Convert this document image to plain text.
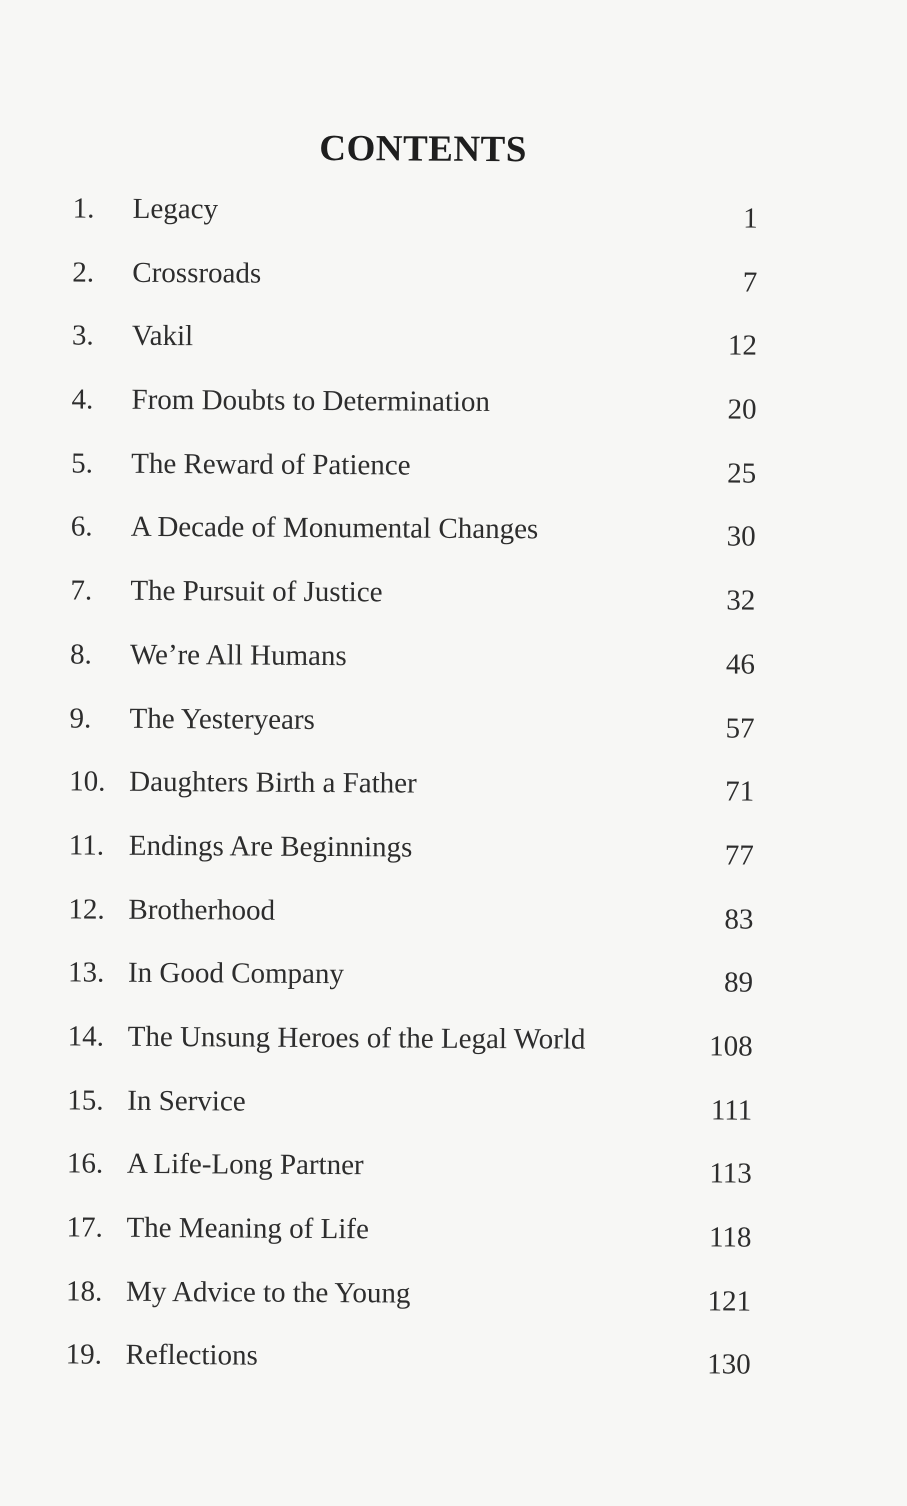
CONTENTS
1.	Legacy	1
2.	Crossroads	7
3.	Vakil	12
4.	From Doubts to Determination	20
5.	The Reward of Patience	25
6.	A Decade of Monumental Changes	30
7.	The Pursuit of Justice	32
8.	We’re All Humans	46
9.	The Yesteryears	57
10. Daughters Birth a Father	71
11. Endings Are Beginnings	77
12. Brotherhood	83
13. In Good Company	89
14. The Unsung Heroes of the Legal World	108
15. In Service	111
16. A Life-Long Partner	113
17. The Meaning of Life	118
18. My Advice to the Young	121
19. Reflections	130
